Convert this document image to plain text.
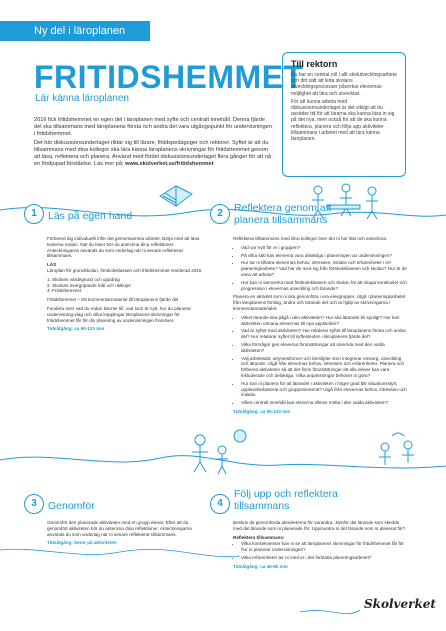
Ny del i läroplanen
FRITIDSHEMMET
Lär känna läroplanen

2016 fick fritidshemmet en egen del i läroplanen med syfte och centralt innehåll. Denna fjärde del ska tillsammans med läroplanens första och andra del vara utgångspunkt för undervisningen i fritidshemmet.

Det här diskussionsunderlaget riktar sig till lärare, fritidspedagoger och rektorer. Syftet är att du tillsammans med dina kollegor ska lära känna läroplanens skrivningar för fritidshemmet genom att läsa, reflektera och planera. Använd med fördel diskussionsunderlaget flera gånger för att nå en fördjupad förståelse. Läs mer på: www.skolverket.se/fritidshemmet

Till rektorn

Du har en central roll i allt skolutvecklingsarbete och ditt sätt att leda skolans utvecklingsprocesser påverkar elevernas möjlighet att lära och utvecklas.

För att kunna arbeta med diskussionsunderlaget är det viktigt att du avsätter tid för att lärarna ska kunna läsa in sig på det nya, men också för att de ska kunna reflektera, planera och följa upp aktiviteter tillsammans i arbetet med att lära känna läroplanen.

1	Läs på egen hand

Förbered dig individuellt inför det gemensamma arbetet. Börja med att läsa texterna nedan. När du läser bör du anteckna dina reflektioner. Anteckningarna används du som underlag när ni senare reflekterar tillsammans.

LÄS

Läroplan för grundskolan, förskoleklassen och fritidshemmet reviderad 2016

1. Skolans värdegrund och uppdrag

2. Skolans övergripande mål och riktlinjer

4. Fritidshemmet

Fritidshemmet – Ett kommentarmaterial till läroplanens fjärde del

Fundera över vad du redan känner till, vad som är nytt, hur du planerar undervisning idag och vilka kopplingar läroplanens skrivningar för fritidshemmet får för din planering av undervisningen framöver.

Tidsåtgång: ca 90-120 min

2	Reflektera genom att planera tillsammans

Reflektera tillsammans med dina kollegor över det ni har läst och antecknat.

• Vad var nytt för er i gruppen?
• På vilka sätt kan eleverna vara delaktiga i planeringen av undervisningen?
• Hur tar ni tillvara elevernas behov, intressen, initiativ och erfarenheter i ert planeringsarbete? Vad har de med sig från förskoleklassen och skolan? Hur är de vana att arbeta?
• Hur kan ni samverka med förskoleklassen och skolan för att skapa kontinuitet och progression i elevernas utveckling och lärande?

Planera en aktivitet som ni ska genomföra i era elevgrupper. Utgå i planeringsarbetet från läroplanens förslag, ändra och lärande det och ta hjälp av skrivningarna i kommentarmaterialet.

• Vilket lärande ska pågå i den aktiviteten? Hur ska lärandet bli synligt? Hur kan aktiviteten utmana elevernas till nya upptäckter?
• Vad är syftet med aktiviteten? Hur relaterar syftet till läroplanens första och andra del? Hur relaterar syftet till syftestexten i läroplanens fjärde del?
• Vilka förmågor ges eleverna förutsättningar att utveckla med den valda aktiviteten?
• Välj arbetssätt, utrymesformer och lärmiljöer som integrerar omsorg, utveckling och lärande. Utgå från elevernas behov, intressen och erfarenheter. Planera och förbered aktiviteten så att det finns förutsättningar att alla elever kan vara inkluderade och delaktiga. Vilka anpassningar behöver ni göra?
• Hur kan ni planera för att lärandet i aktiviteten i högre grad blir situationsstyrt, upplevelsebaserat och grupporienterat? Utgå från elevernas behov, intressen och initiativ.
• Vilket centralt innehåll kan eleverna tillmes mötta i den valda aktiviteten?

Tidsåtgång: ca 90-120 min

3	Genomför

Genomför den planerade aktiviteten med en grupp elever. Efter att du genomfört aktiviteten bör du anteckna dina reflektioner. Anteckningarna används du som underlag när ni senare reflekterar tillsammans.

Tidsåtgång: beror på aktiviteten

4
Följ upp och reflektera tillsammans

Beskriv de genomförda aktiviteterna för varandra. Jämför det lärande som skedde med det lärande som ni planerade för. Uppmuntra ni det lärande som ni planerat för?

Reflektera tillsammans:

• Vilka konsekvenser kan ni se att läroplanens skrivningar för fritidshemmet får för hur ni planerar undervisningen?
• Vilka erfarenheter tar ni med er i det fortsatta planeringsarbetet?

Tidsåtgång: ca 45-60 min

Skolverket
